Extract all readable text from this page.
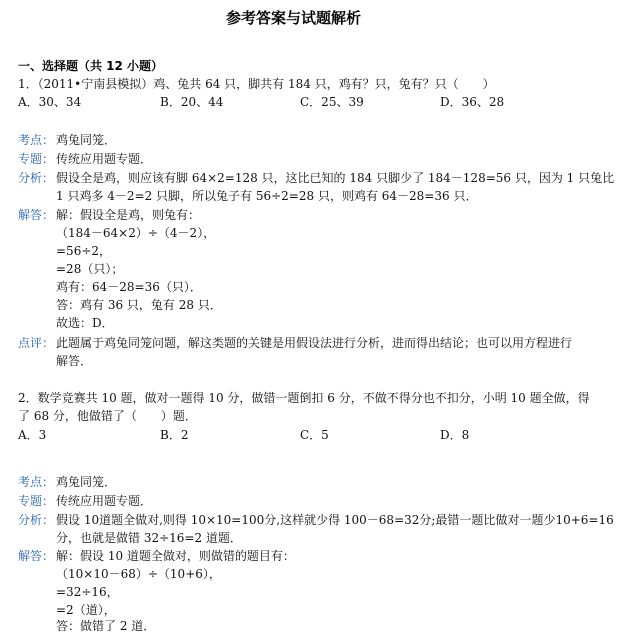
参考答案与试题解析
一、选择题（共 12 小题）
1．（2011•宁南县模拟）鸡、兔共 64 只，脚共有 184 只，鸡有？只，兔有？只（　　）
A．30、34	B．20、44	C．25、39	D．36、28
考点： 鸡兔同笼．
专题： 传统应用题专题．
分析： 假设全是鸡，则应该有脚 64×2=128 只，这比已知的 184 只脚少了 184－128=56 只，因为 1 只兔比
1 只鸡多 4－2=2 只脚，所以兔子有 56÷2=28 只，则鸡有 64－28=36 只．
解答： 解：假设全是鸡，则兔有：
（184－64×2）÷（4－2），
=56÷2，
=28（只）；
鸡有：64－28=36（只）．
答：鸡有 36 只，兔有 28 只．
故选：D．
点评： 此题属于鸡兔同笼问题，解这类题的关键是用假设法进行分析，进而得出结论；也可以用方程进行
解答．
2．数学竞赛共 10 题，做对一题得 10 分，做错一题倒扣 6 分，不做不得分也不扣分，小明 10 题全做，得
了 68 分，他做错了（　　）题．
A．3	B．2	C．5	D．8
考点： 鸡兔同笼．
专题： 传统应用题专题．
分析： 假设 10道题全做对,则得 10×10=100分,这样就少得 100－68=32分;最错一题比做对一题少10+6=16
分，也就是做错 32÷16=2 道题．
解答： 解：假设 10 道题全做对，则做错的题目有：
（10×10－68）÷（10+6），
=32÷16，
=2（道），
答：做错了 2 道．
